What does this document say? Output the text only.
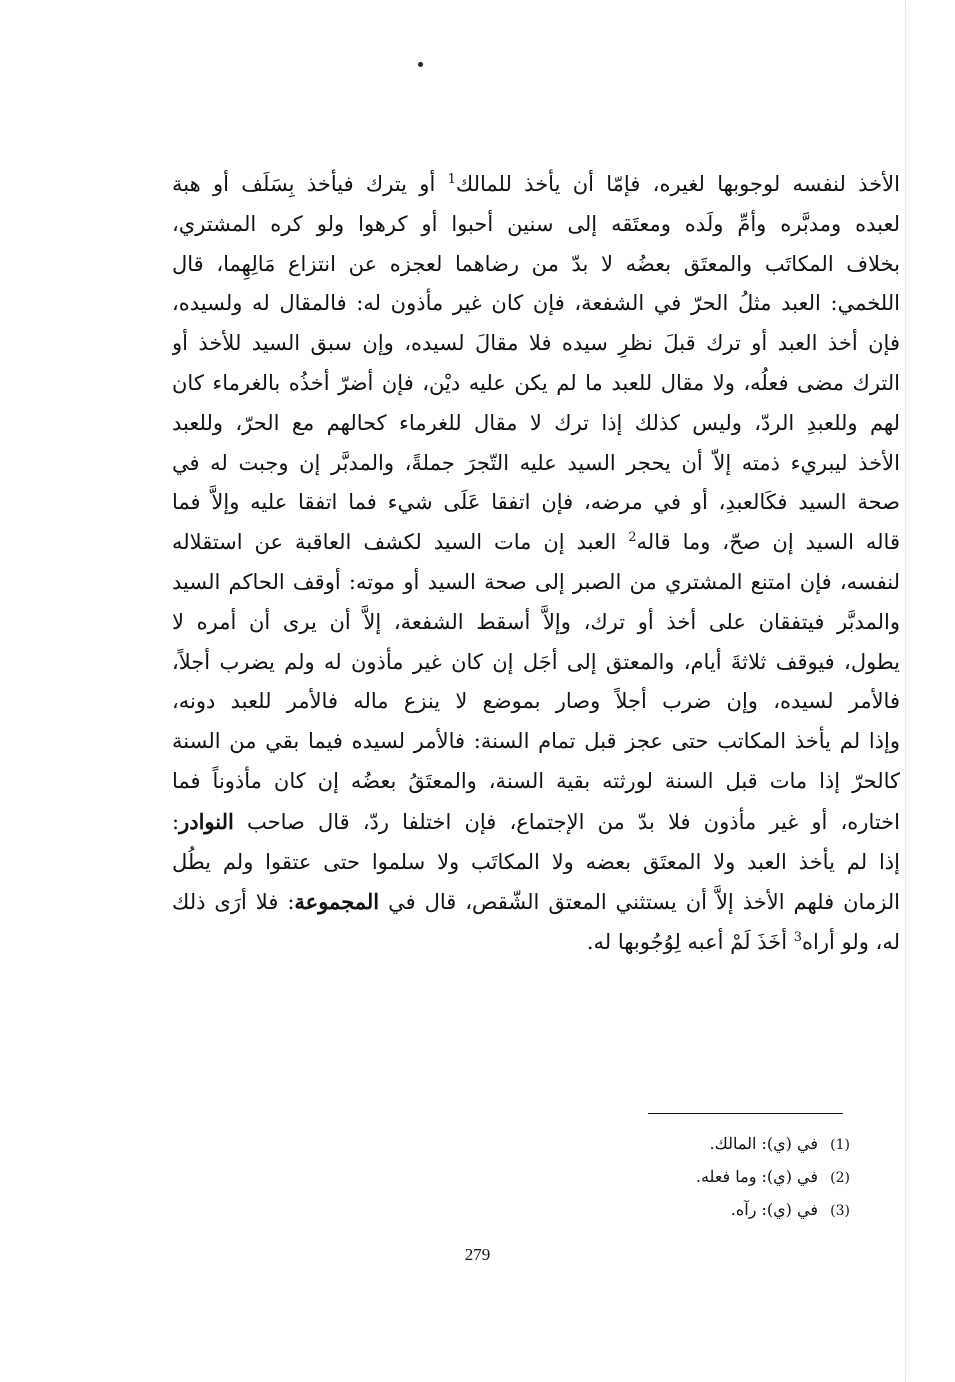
الأخذ لنفسه لوجوبها لغيره، فإمّا أن يأخذ للمالك$^1$ أو يترك فيأخذ بِسَلَف أو هبة
لعبده ومدبَّره وأمِّ ولَده ومعتَقه إلى سنين أحبوا أو كرهوا ولو كره المشتري،
بخلاف المكاتَب والمعتَق بعضُه لا بدّ من رضاهما لعجزه عن انتزاع مَالِهِما، قال
اللخمي: العبد مثلُ الحرّ في الشفعة، فإن كان غير مأذون له: فالمقال له ولسيده،
فإن أخذ العبد أو ترك قبلَ نظرِ سيده فلا مقالَ لسيده، وإن سبق السيد للأخذ أو
الترك مضى فعلُه، ولا مقال للعبد ما لم يكن عليه ديْن، فإن أضرّ أخذُه بالغرماء كان
لهم وللعبدِ الردّ، وليس كذلك إذا ترك لا مقال للغرماء كحالهم مع الحرّ، وللعبد
الأخذ ليبريء ذمته إلاّ أن يحجر السيد عليه التّجرَ جملةً، والمدبَّر إن وجبت له في
صحة السيد فكَالعبدِ، أو في مرضه، فإن اتفقا عَلَى شيء فما اتفقا عليه وإلاَّ فما
قاله السيد إن صحّ، وما قاله$^2$ العبد إن مات السيد لكشف العاقبة عن استقلاله
لنفسه، فإن امتنع المشتري من الصبر إلى صحة السيد أو موته: أوقف الحاكم السيد
والمدبَّر فيتفقان على أخذ أو ترك، وإلاَّ أسقط الشفعة، إلاَّ أن يرى أن أمره لا
يطول، فيوقف ثلاثةَ أيام، والمعتق إلى أجَل إن كان غير مأذون له ولم يضرب أجلاً،
فالأمر لسيده، وإن ضرب أجلاً وصار بموضع لا ينزع ماله فالأمر للعبد دونه،
وإذا لم يأخذ المكاتب حتى عجز قبل تمام السنة: فالأمر لسيده فيما بقي من السنة
كالحرّ إذا مات قبل السنة لورثته بقية السنة، والمعتَقُ بعضُه إن كان مأذوناً فما
اختاره، أو غير مأذون فلا بدّ من الإجتماع، فإن اختلفا ردّ، قال صاحب النوادر:
إذا لم يأخذ العبد ولا المعتَق بعضه ولا المكاتَب ولا سلموا حتى عتقوا ولم يطُل
الزمان فلهم الأخذ إلاَّ أن يستثني المعتق الشّقص، قال في المجموعة: فلا أرَى ذلك
له، ولو أراه$^3$ أخَذَ لَمْ أعبه لِوُجُوبها له.
(1)في (ي): المالك.
(2)في (ي): وما فعله.
(3)في (ي): رآه.
279
